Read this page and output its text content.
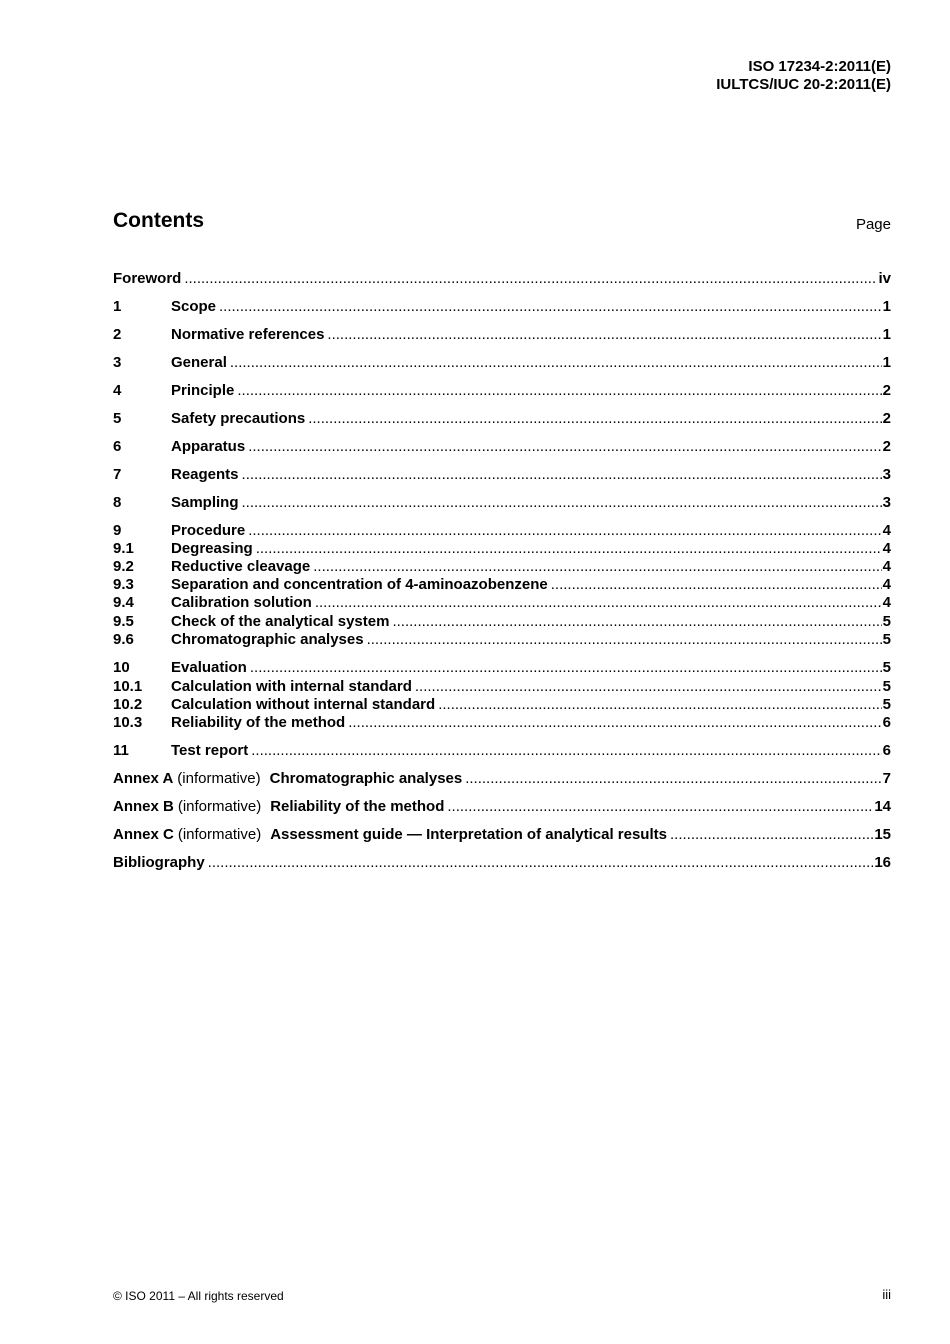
ISO 17234-2:2011(E)
IULTCS/IUC 20-2:2011(E)
Contents	Page
Foreword .....	iv
1	Scope .....	1
2	Normative references .....	1
3	General .....	1
4	Principle .....	2
5	Safety precautions .....	2
6	Apparatus .....	2
7	Reagents .....	3
8	Sampling .....	3
9	Procedure .....	4
9.1	Degreasing .....	4
9.2	Reductive cleavage .....	4
9.3	Separation and concentration of 4-aminoazobenzene .....	4
9.4	Calibration solution .....	4
9.5	Check of the analytical system .....	5
9.6	Chromatographic analyses .....	5
10	Evaluation .....	5
10.1	Calculation with internal standard .....	5
10.2	Calculation without internal standard .....	5
10.3	Reliability of the method .....	6
11	Test report .....	6
Annex A (informative) Chromatographic analyses .....	7
Annex B (informative) Reliability of the method .....	14
Annex C (informative) Assessment guide — Interpretation of analytical results .....	15
Bibliography .....	16
© ISO 2011 – All rights reserved	iii
